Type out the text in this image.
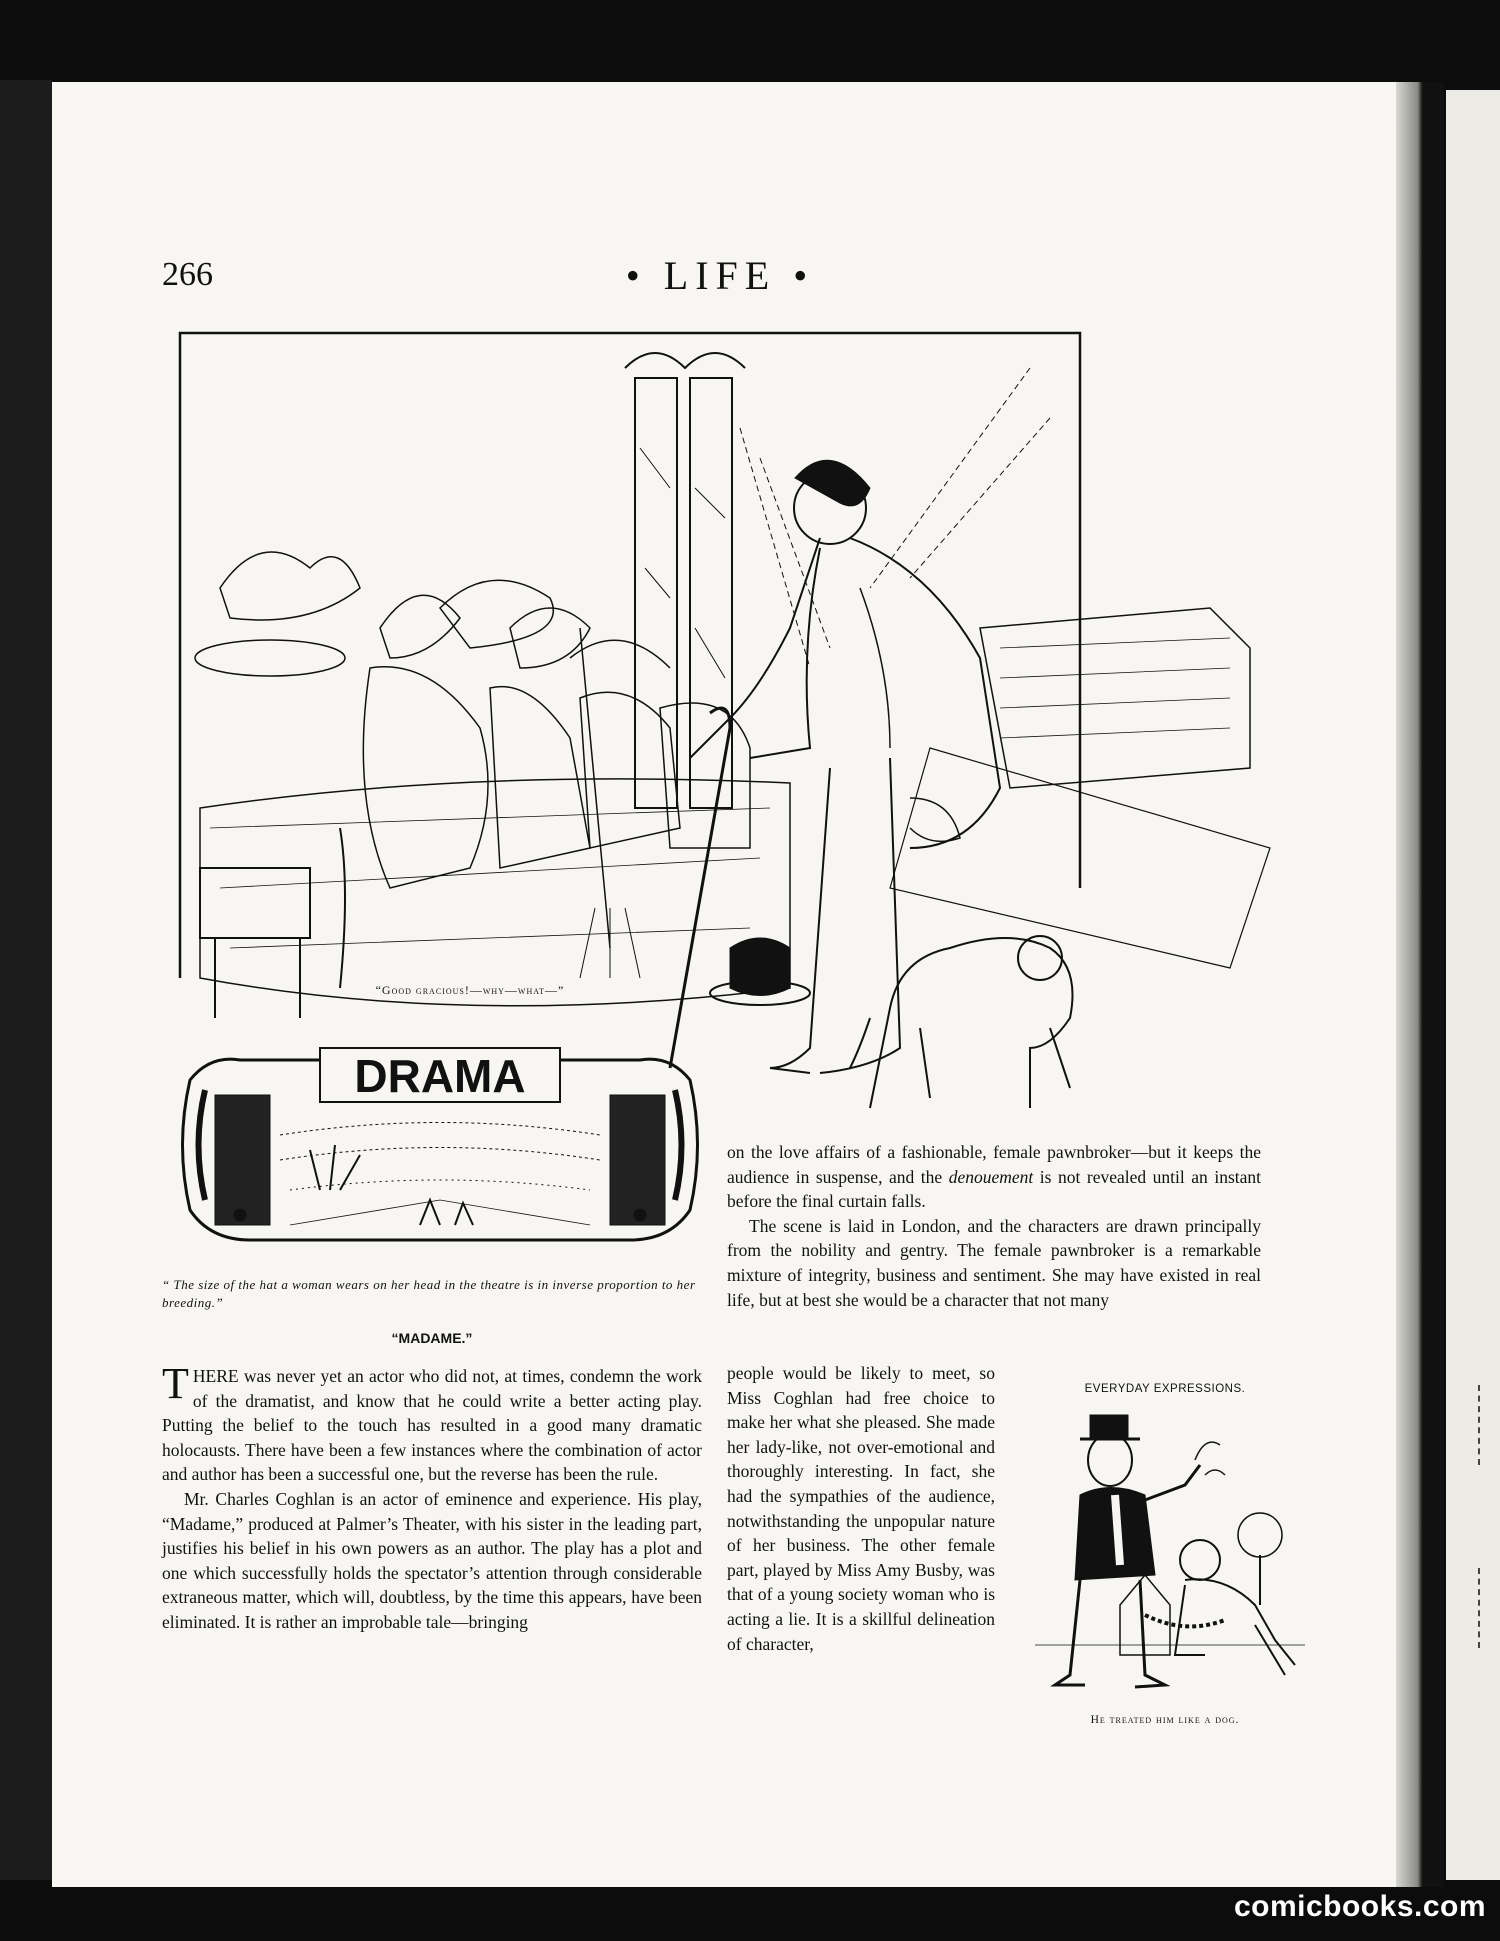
266	• LIFE •
“Good gracious!—why—what—”
DRAMA
“ The size of the hat a woman wears on her head in the theatre is in inverse proportion to her breeding.”
“MADAME.”

THERE was never yet an actor who did not, at times, condemn the work of the dramatist, and know that he could write a better acting play. Putting the belief to the touch has resulted in a good many dramatic holocausts. There have been a few instances where the combination of actor and author has been a successful one, but the reverse has been the rule.

Mr. Charles Coghlan is an actor of eminence and experience. His play, “Madame,” produced at Palmer’s Theater, with his sister in the leading part, justifies his belief in his own powers as an author. The play has a plot and one which successfully holds the spectator’s attention through considerable extraneous matter, which will, doubtless, by the time this appears, have been eliminated. It is rather an improbable tale—bringing

on the love affairs of a fashionable, female pawnbroker—but it keeps the audience in suspense, and the denouement is not revealed until an instant before the final curtain falls.

The scene is laid in London, and the characters are drawn principally from the nobility and gentry. The female pawnbroker is a remarkable mixture of integrity, business and sentiment. She may have existed in real life, but at best she would be a character that not many

people would be likely to meet, so Miss Coghlan had free choice to make her what she pleased. She made her lady-like, not over-emotional and thoroughly interesting. In fact, she had the sympathies of the audience, notwithstanding the unpopular nature of her business. The other female part, played by Miss Amy Busby, was that of a young society woman who is acting a lie. It is a skillful delineation of character,

EVERYDAY EXPRESSIONS.
He treated him like a dog.
comicbooks.com
